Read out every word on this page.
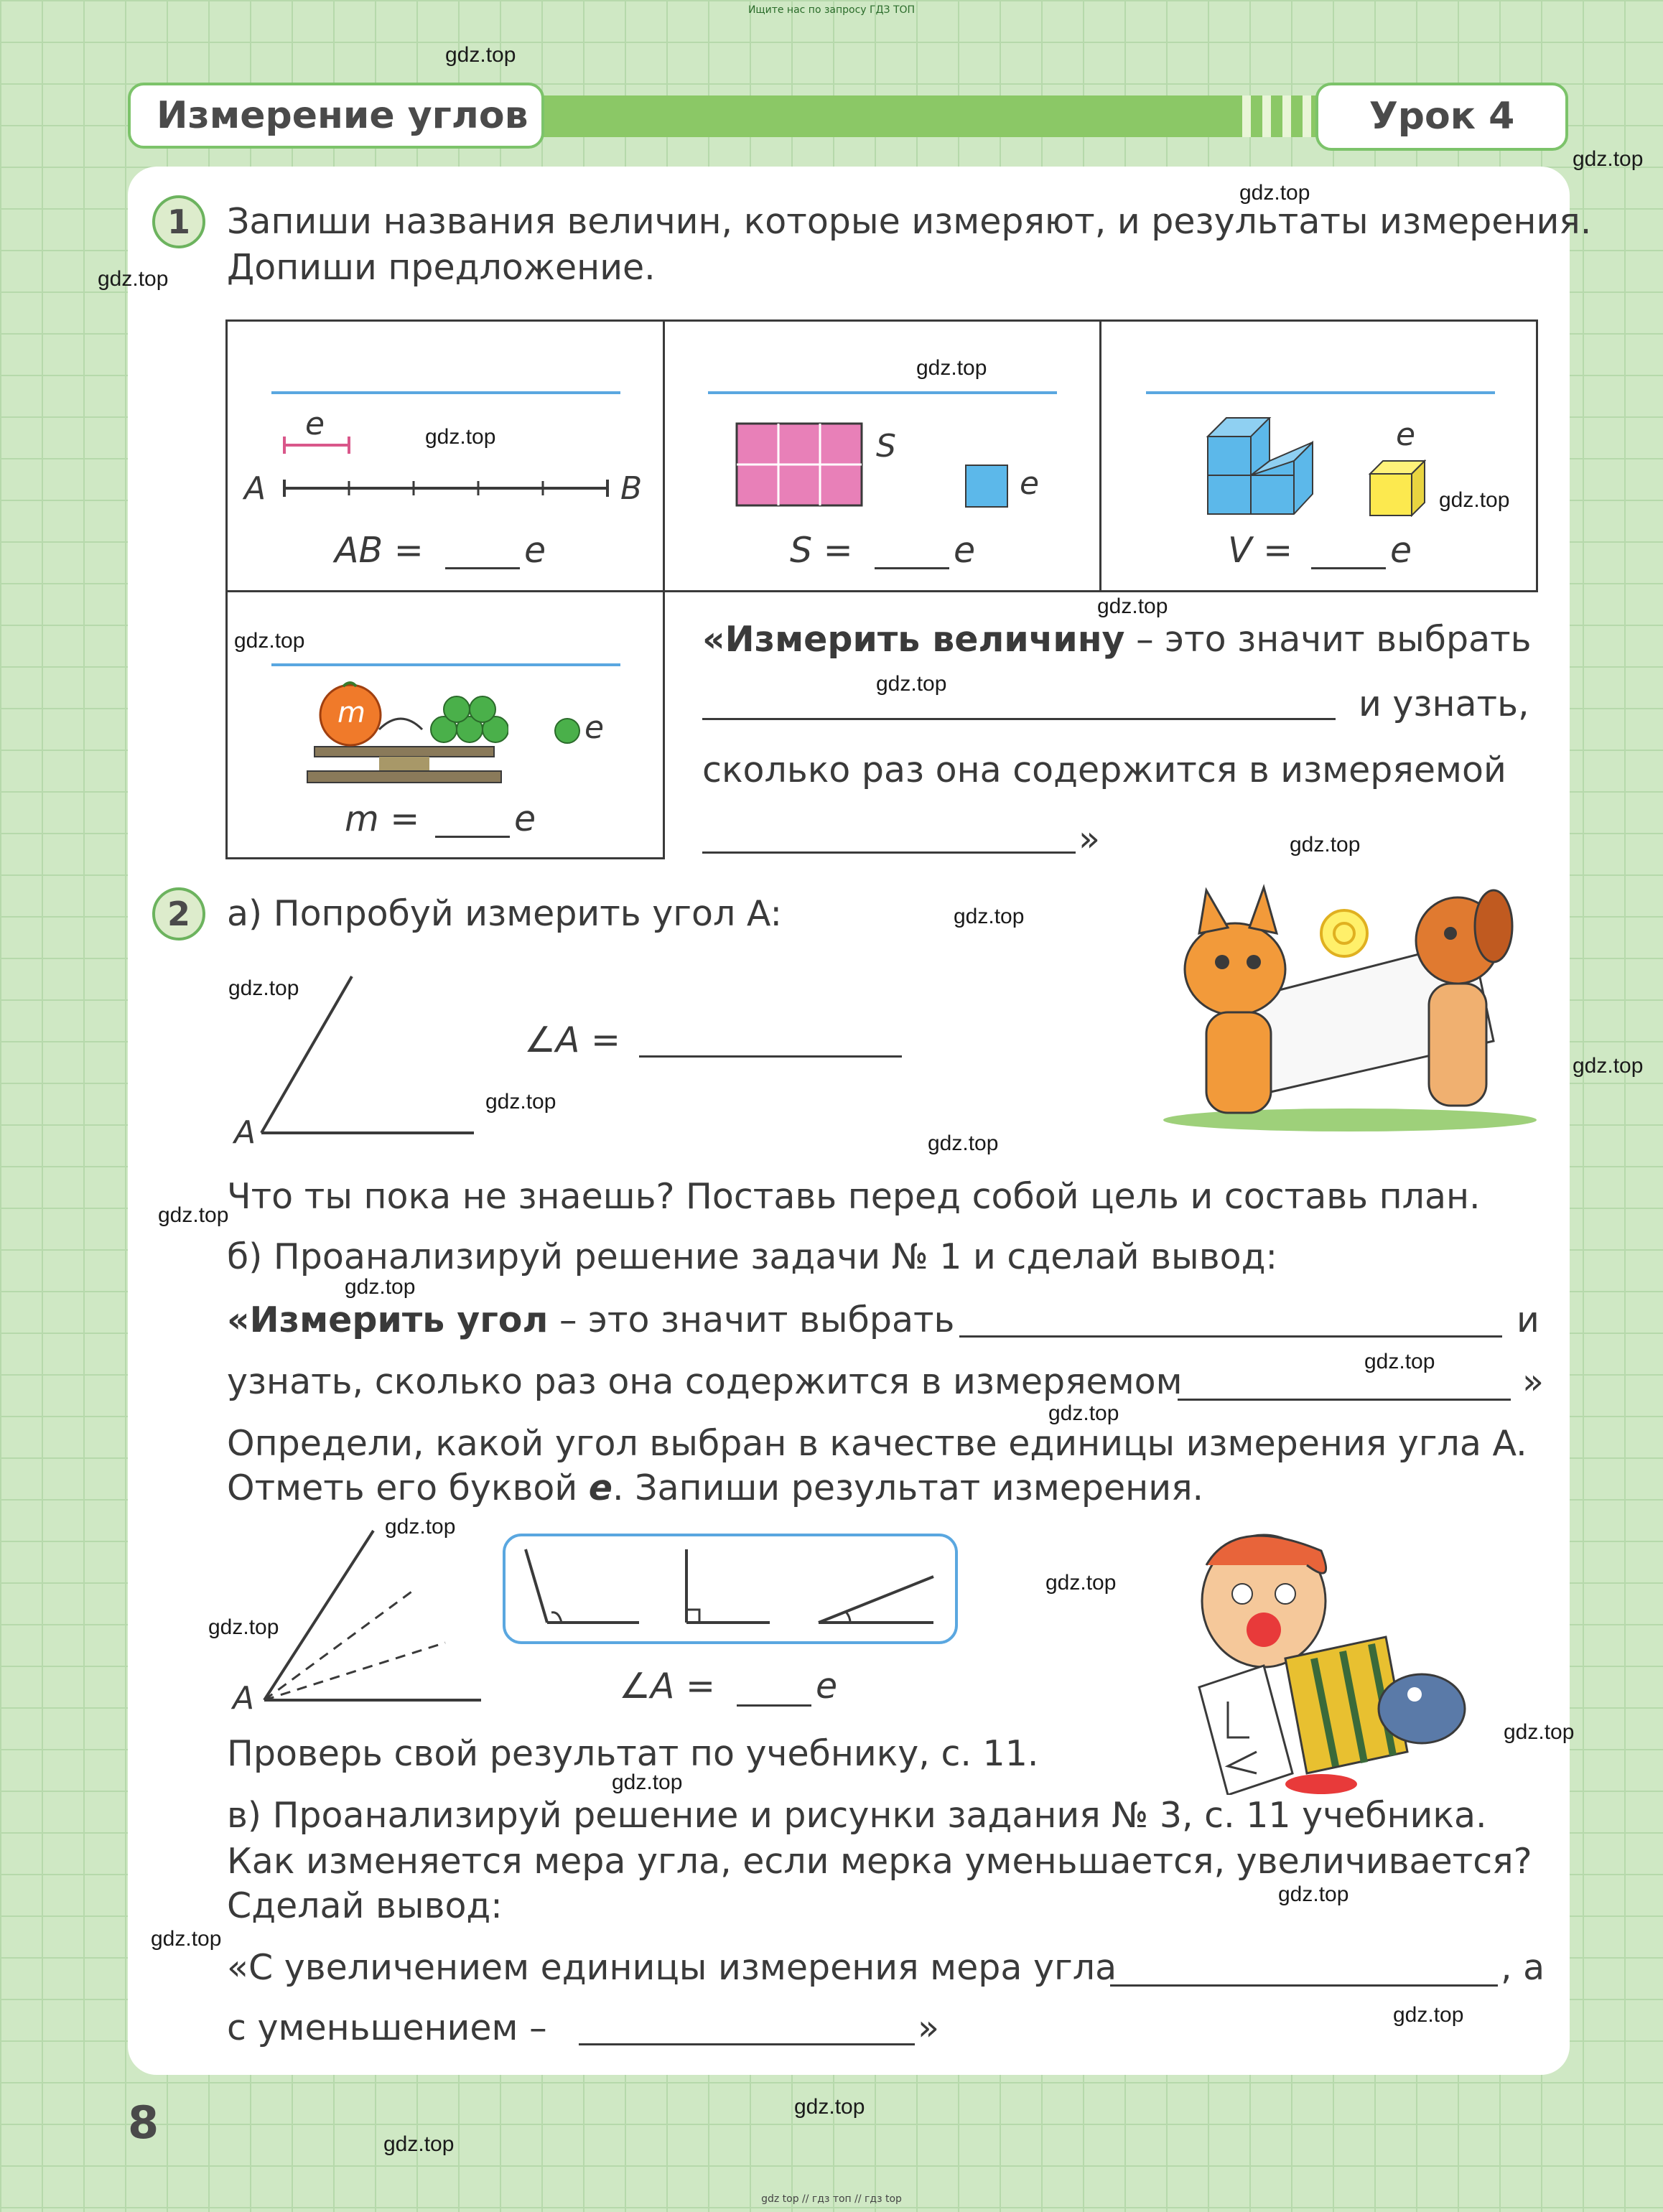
Ищите нас по запросу ГДЗ ТОП
Измерение углов	Урок 4
1	Запиши названия величин, которые измеряют, и результаты измерения.
Допиши предложение.
e
A	B
AB =	e
S
e
S =	e
e
V =	e
m	e
m =	e
«Измерить величину – это значит выбрать
и узнать,
сколько раз она содержится в измеряемой
»
2	а) Попробуй измерить угол A:
A
∠A =
Что ты пока не знаешь? Поставь перед собой цель и составь план.
б) Проанализируй решение задачи № 1 и сделай вывод:
«Измерить угол – это значит выбрать	и
узнать, сколько раз она содержится в измеряемом	»
Определи, какой угол выбран в качестве единицы измерения угла A.
Отметь его буквой e. Запиши результат измерения.
A	∠A =	e
Проверь свой результат по учебнику, с. 11.
в) Проанализируй решение и рисунки задания № 3, с. 11 учебника.
Как изменяется мера угла, если мерка уменьшается, увеличивается?
Сделай вывод:
«С увеличением единицы измерения мера угла	, а
с уменьшением –	»
8
gdz.top
gdz.top
gdz.top
gdz.top
gdz.top
gdz.top
gdz.top
gdz.top
gdz.top
gdz.top
gdz.top
gdz.top
gdz.top
gdz.top
gdz.top
gdz.top
gdz.top
gdz.top
gdz.top
gdz.top
gdz.top
gdz.top
gdz.top
gdz.top
gdz.top
gdz.top
gdz.top
gdz.top
gdz.top
gdz.top
gdz top // гдз топ // гдз top
